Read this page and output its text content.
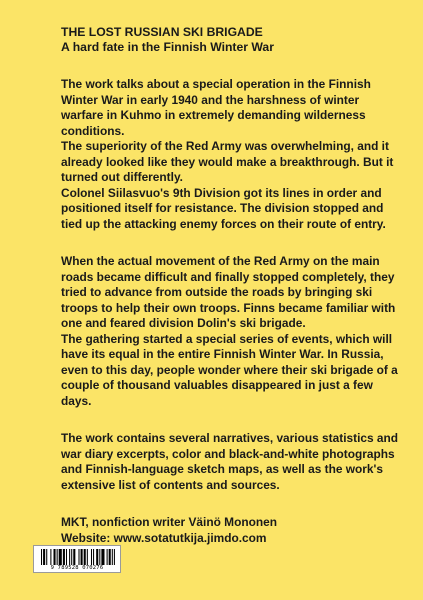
THE LOST RUSSIAN SKI BRIGADE

A hard fate in the Finnish Winter War

The work talks about a special operation in the Finnish Winter War in early 1940 and the harshness of winter warfare in Kuhmo in extremely demanding wilderness conditions.

The superiority of the Red Army was overwhelming, and it already looked like they would make a breakthrough. But it turned out differently.

Colonel Siilasvuo's 9th Division got its lines in order and positioned itself for resistance. The division stopped and tied up the attacking enemy forces on their route of entry.

When the actual movement of the Red Army on the main roads became difficult and finally stopped completely, they tried to advance from outside the roads by bringing ski troops to help their own troops. Finns became familiar with one and feared division Dolin's ski brigade.

The gathering started a special series of events, which will have its equal in the entire Finnish Winter War. In Russia, even to this day, people wonder where their ski brigade of a couple of thousand valuables disappeared in just a few days.

The work contains several narratives, various statistics and war diary excerpts, color and black-and-white photographs and Finnish-language sketch maps, as well as the work's extensive list of contents and sources.

MKT, nonfiction writer Väinö Mononen

Website: www.sotatutkija.jimdo.com

9 789528 070276
